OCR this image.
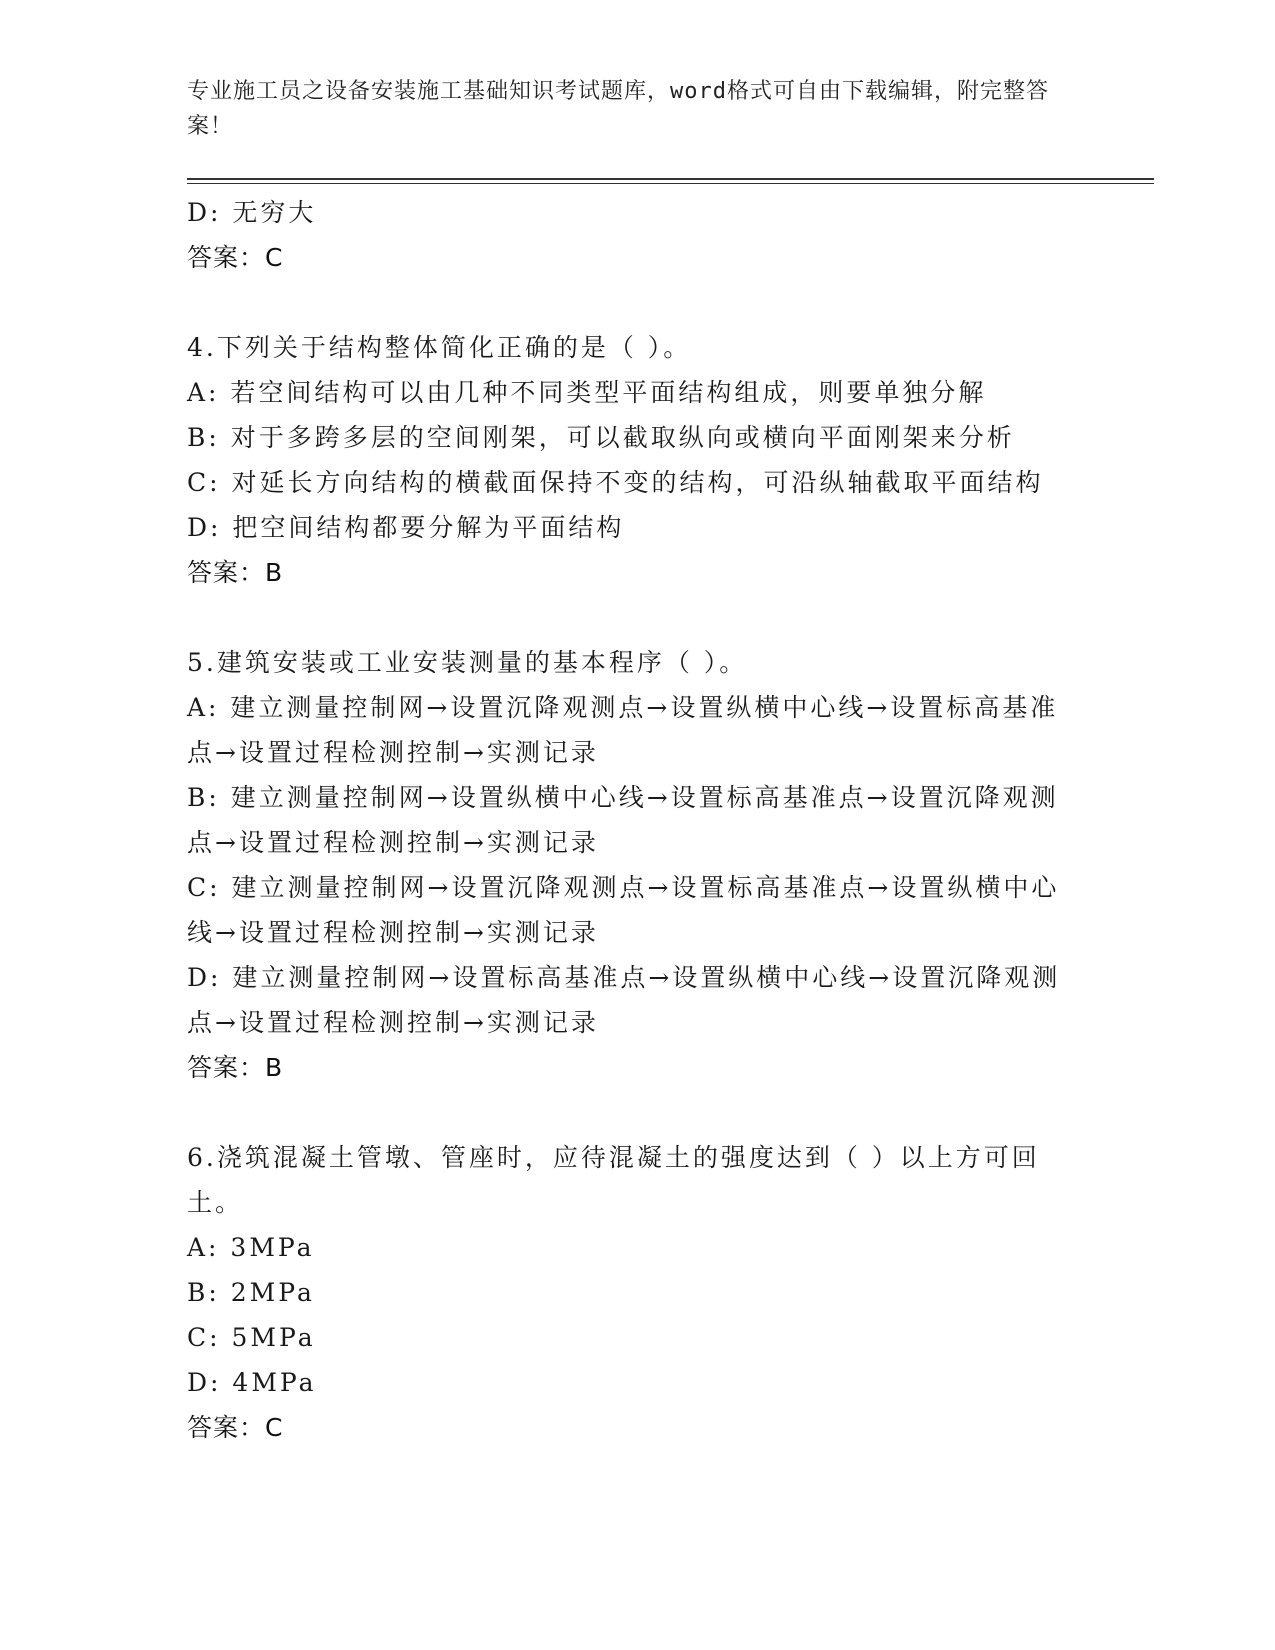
专业施工员之设备安装施工基础知识考试题库，word格式可自由下载编辑，附完整答案！
D: 无穷大
答案：C
4.下列关于结构整体简化正确的是（ ）。
A: 若空间结构可以由几种不同类型平面结构组成，则要单独分解
B: 对于多跨多层的空间刚架，可以截取纵向或横向平面刚架来分析
C: 对延长方向结构的横截面保持不变的结构，可沿纵轴截取平面结构
D: 把空间结构都要分解为平面结构
答案：B
5.建筑安装或工业安装测量的基本程序（ ）。
A: 建立测量控制网→设置沉降观测点→设置纵横中心线→设置标高基准点→设置过程检测控制→实测记录
B: 建立测量控制网→设置纵横中心线→设置标高基准点→设置沉降观测点→设置过程检测控制→实测记录
C: 建立测量控制网→设置沉降观测点→设置标高基准点→设置纵横中心线→设置过程检测控制→实测记录
D: 建立测量控制网→设置标高基准点→设置纵横中心线→设置沉降观测点→设置过程检测控制→实测记录
答案：B
6.浇筑混凝土管墩、管座时，应待混凝土的强度达到（ ）以上方可回土。
A: 3MPa
B: 2MPa
C: 5MPa
D: 4MPa
答案：C
